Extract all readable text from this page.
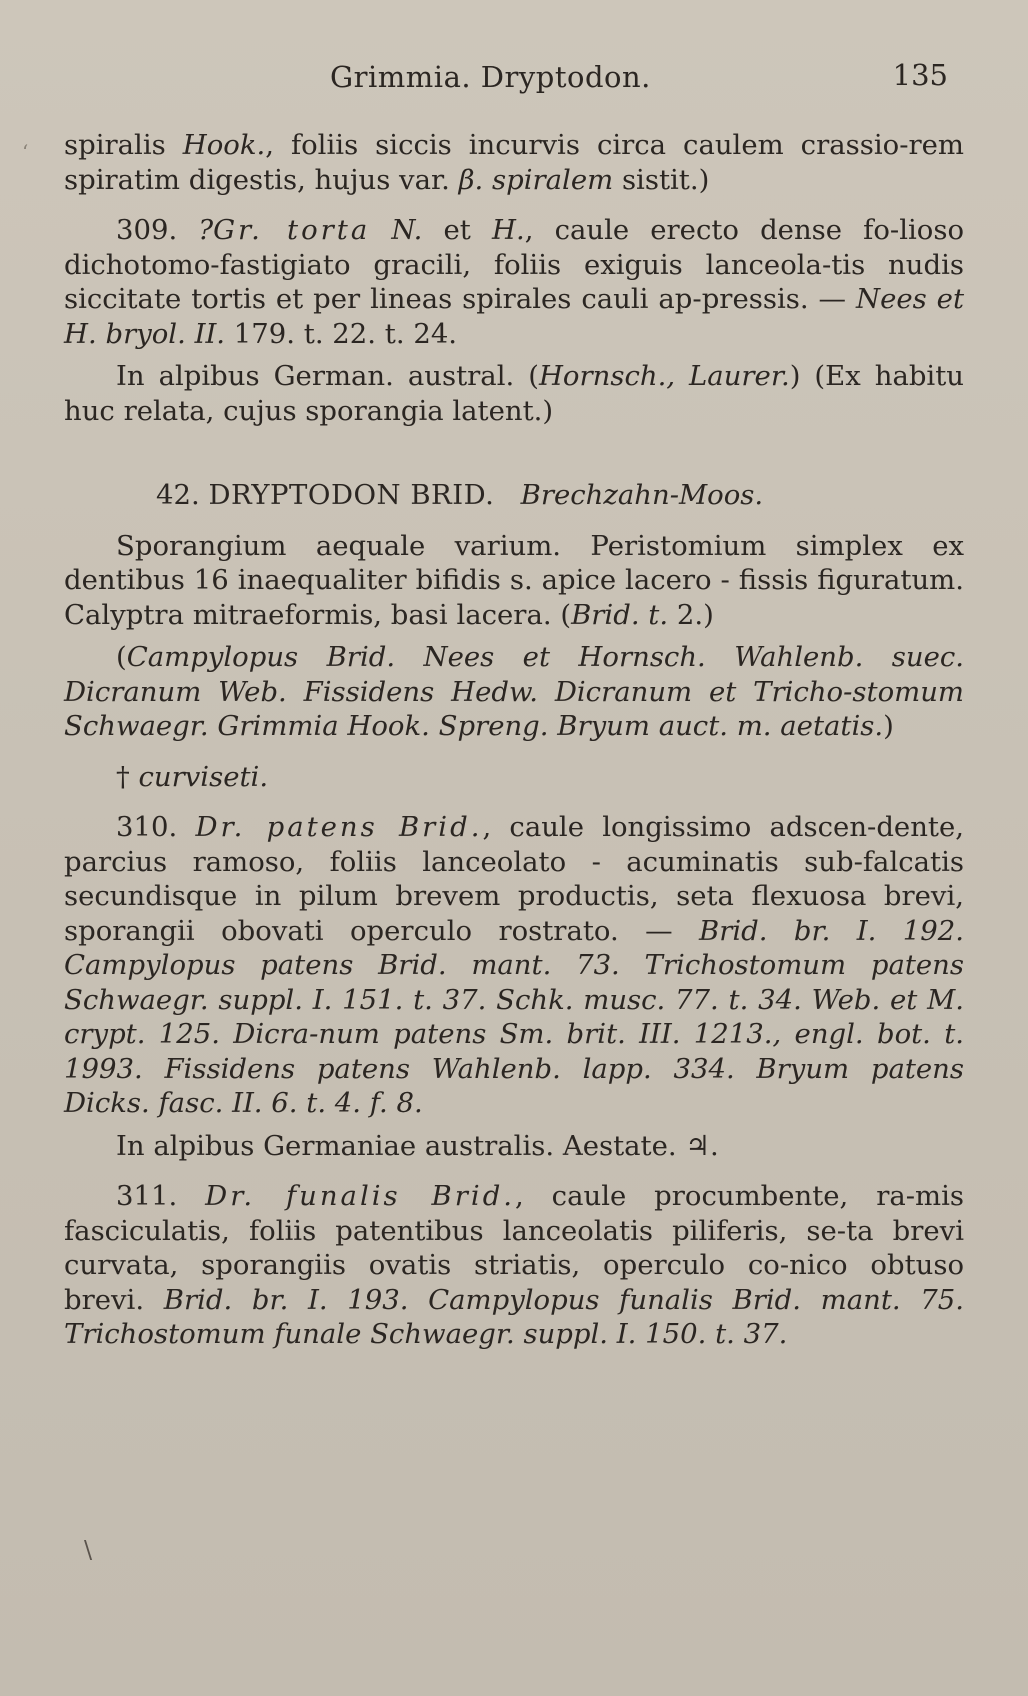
Grimmia. Dryptodon.	135

spiralis Hook., foliis siccis incurvis circa caulem crassio-rem spiratim digestis, hujus var. β. spiralem sistit.)

309. ?Gr. torta N. et H., caule erecto dense fo-lioso dichotomo-fastigiato gracili, foliis exiguis lanceola-tis nudis siccitate tortis et per lineas spirales cauli ap-pressis. — Nees et H. bryol. II. 179. t. 22. t. 24.

In alpibus German. austral. (Hornsch., Laurer.) (Ex habitu huc relata, cujus sporangia latent.)

42. DRYPTODON BRID. Brechzahn-Moos.

Sporangium aequale varium. Peristomium simplex ex dentibus 16 inaequaliter bifidis s. apice lacero - fissis figuratum. Calyptra mitraeformis, basi lacera. (Brid. t. 2.)

(Campylopus Brid. Nees et Hornsch. Wahlenb. suec. Dicranum Web. Fissidens Hedw. Dicranum et Tricho-stomum Schwaegr. Grimmia Hook. Spreng. Bryum auct. m. aetatis.)

† curviseti.

310. Dr. patens Brid., caule longissimo adscen-dente, parcius ramoso, foliis lanceolato - acuminatis sub-falcatis secundisque in pilum brevem productis, seta flexuosa brevi, sporangii obovati operculo rostrato. — Brid. br. I. 192. Campylopus patens Brid. mant. 73. Trichostomum patens Schwaegr. suppl. I. 151. t. 37. Schk. musc. 77. t. 34. Web. et M. crypt. 125. Dicra-num patens Sm. brit. III. 1213., engl. bot. t. 1993. Fissidens patens Wahlenb. lapp. 334. Bryum patens Dicks. fasc. II. 6. t. 4. f. 8.

In alpibus Germaniae australis. Aestate. ♃.

311. Dr. funalis Brid., caule procumbente, ra-mis fasciculatis, foliis patentibus lanceolatis piliferis, se-ta brevi curvata, sporangiis ovatis striatis, operculo co-nico obtuso brevi. Brid. br. I. 193. Campylopus funalis Brid. mant. 75. Trichostomum funale Schwaegr. suppl. I. 150. t. 37.

‘
\
